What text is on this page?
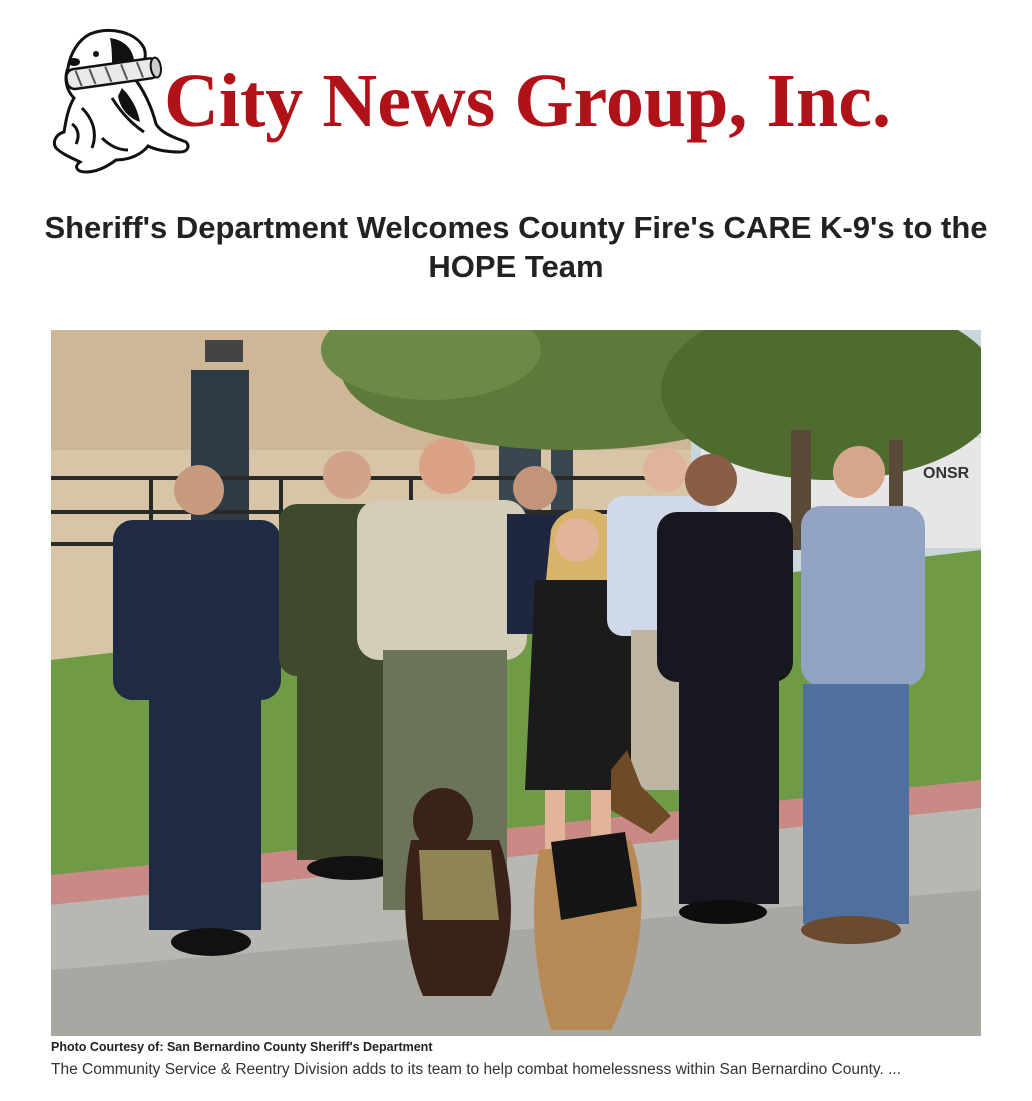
City News Group, Inc.
Sheriff's Department Welcomes County Fire's CARE K-9's to the HOPE Team
ONSR
Photo Courtesy of: San Bernardino County Sheriff's Department
The Community Service & Reentry Division adds to its team to help combat homelessness within San Bernardino County. ...
